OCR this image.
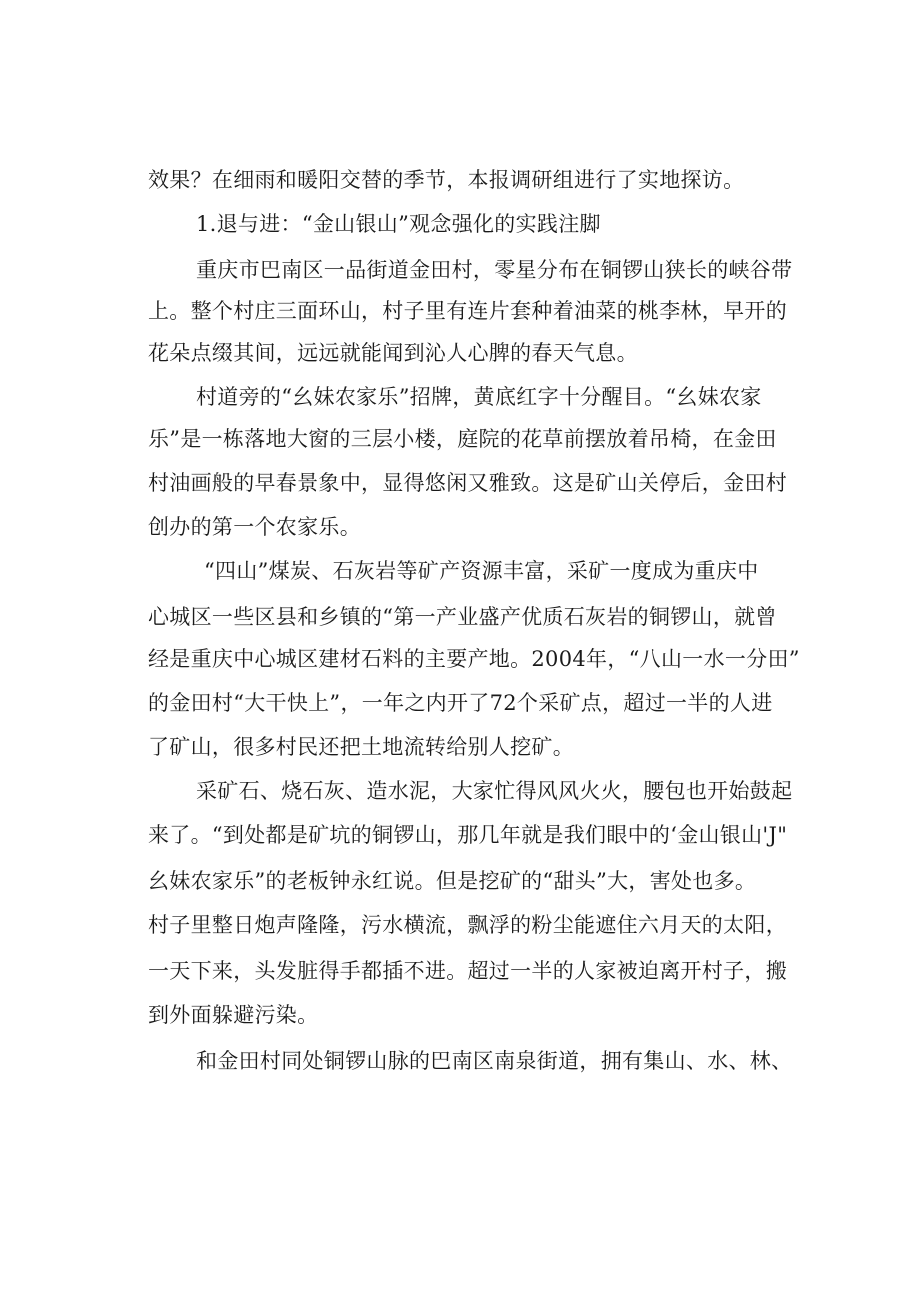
效果？在细雨和暖阳交替的季节，本报调研组进行了实地探访。
1.退与进：“金山银山”观念强化的实践注脚
重庆市巴南区一品街道金田村，零星分布在铜锣山狭长的峡谷带
上。整个村庄三面环山，村子里有连片套种着油菜的桃李林，早开的
花朵点缀其间，远远就能闻到沁人心脾的春天气息。
村道旁的“幺妹农家乐”招牌，黄底红字十分醒目。“幺妹农家
乐”是一栋落地大窗的三层小楼，庭院的花草前摆放着吊椅，在金田
村油画般的早春景象中，显得悠闲又雅致。这是矿山关停后，金田村
创办的第一个农家乐。
“四山”煤炭、石灰岩等矿产资源丰富，采矿一度成为重庆中
心城区一些区县和乡镇的“第一产业盛产优质石灰岩的铜锣山，就曾
经是重庆中心城区建材石料的主要产地。2004年，“八山一水一分田”
的金田村“大干快上”，一年之内开了72个采矿点，超过一半的人进
了矿山，很多村民还把土地流转给别人挖矿。
采矿石、烧石灰、造水泥，大家忙得风风火火，腰包也开始鼓起
来了。“到处都是矿坑的铜锣山，那几年就是我们眼中的‘金山银山'J"
幺妹农家乐”的老板钟永红说。但是挖矿的“甜头”大，害处也多。
村子里整日炮声隆隆，污水横流，飘浮的粉尘能遮住六月天的太阳，
一天下来，头发脏得手都插不进。超过一半的人家被迫离开村子，搬
到外面躲避污染。
和金田村同处铜锣山脉的巴南区南泉街道，拥有集山、水、林、
